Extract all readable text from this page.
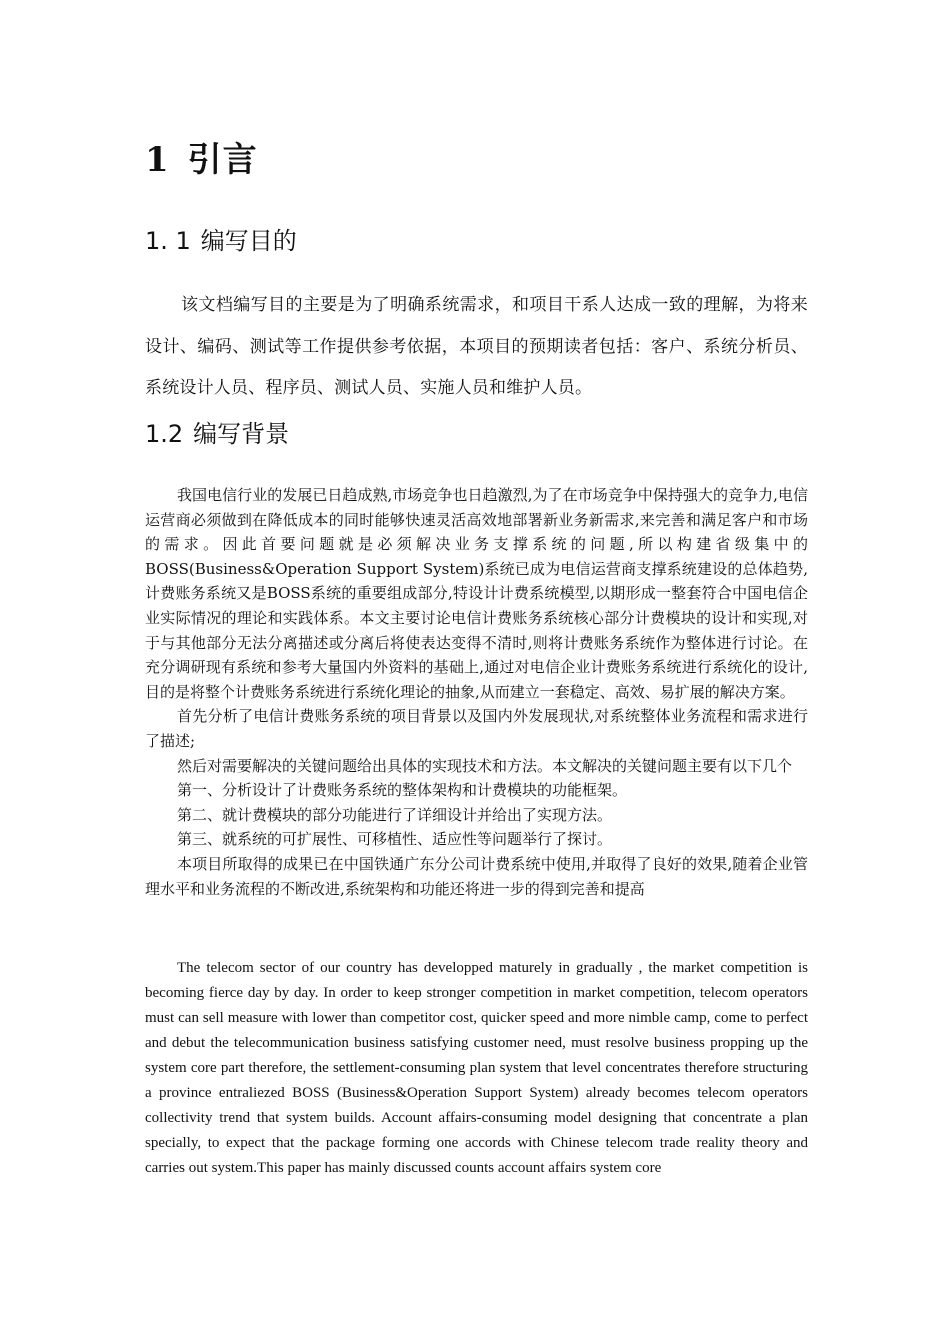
1 引言
1. 1 编写目的
该文档编写目的主要是为了明确系统需求，和项目干系人达成一致的理解，为将来设计、编码、测试等工作提供参考依据，本项目的预期读者包括：客户、系统分析员、系统设计人员、程序员、测试人员、实施人员和维护人员。
1.2 编写背景

我国电信行业的发展已日趋成熟,市场竞争也日趋激烈,为了在市场竞争中保持强大的竞争力,电信运营商必须做到在降低成本的同时能够快速灵活高效地部署新业务新需求,来完善和满足客户和市场的需求。因此首要问题就是必须解决业务支撑系统的问题,所以构建省级集中的BOSS(Business&Operation Support System)系统已成为电信运营商支撑系统建设的总体趋势,计费账务系统又是BOSS系统的重要组成部分,特设计计费系统模型,以期形成一整套符合中国电信企业实际情况的理论和实践体系。本文主要讨论电信计费账务系统核心部分计费模块的设计和实现,对于与其他部分无法分离描述或分离后将使表达变得不清时,则将计费账务系统作为整体进行讨论。在充分调研现有系统和参考大量国内外资料的基础上,通过对电信企业计费账务系统进行系统化的设计,目的是将整个计费账务系统进行系统化理论的抽象,从而建立一套稳定、高效、易扩展的解决方案。

首先分析了电信计费账务系统的项目背景以及国内外发展现状,对系统整体业务流程和需求进行了描述;

然后对需要解决的关键问题给出具体的实现技术和方法。本文解决的关键问题主要有以下几个

第一、分析设计了计费账务系统的整体架构和计费模块的功能框架。

第二、就计费模块的部分功能进行了详细设计并给出了实现方法。

第三、就系统的可扩展性、可移植性、适应性等问题举行了探讨。

本项目所取得的成果已在中国铁通广东分公司计费系统中使用,并取得了良好的效果,随着企业管理水平和业务流程的不断改进,系统架构和功能还将进一步的得到完善和提高

The telecom sector of our country has developped maturely in gradually , the market competition is becoming fierce day by day. In order to keep stronger competition in market competition, telecom operators must can sell measure with lower than competitor cost, quicker speed and more nimble camp, come to perfect and debut the telecommunication business satisfying customer need, must resolve business propping up the system core part therefore, the settlement-consuming plan system that level concentrates therefore structuring a province entraliezed BOSS (Business&Operation Support System) already becomes telecom operators collectivity trend that system builds. Account affairs-consuming model designing that concentrate a plan specially, to expect that the package forming one accords with Chinese telecom trade reality theory and carries out system.This paper has mainly discussed counts account affairs system core
